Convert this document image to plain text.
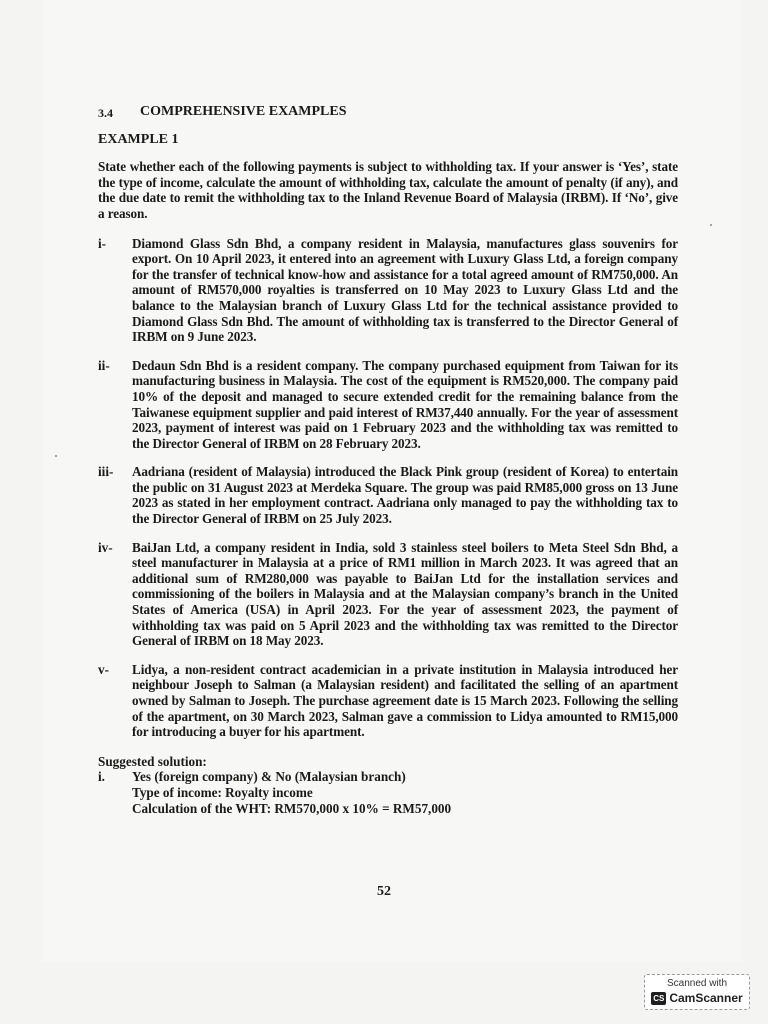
3.4	COMPREHENSIVE EXAMPLES
EXAMPLE 1

State whether each of the following payments is subject to withholding tax. If your answer is ‘Yes’, state the type of income, calculate the amount of withholding tax, calculate the amount of penalty (if any), and the due date to remit the withholding tax to the Inland Revenue Board of Malaysia (IRBM). If ‘No’, give a reason.

i-	Diamond Glass Sdn Bhd, a company resident in Malaysia, manufactures glass souvenirs for export. On 10 April 2023, it entered into an agreement with Luxury Glass Ltd, a foreign company for the transfer of technical know-how and assistance for a total agreed amount of RM750,000. An amount of RM570,000 royalties is transferred on 10 May 2023 to Luxury Glass Ltd and the balance to the Malaysian branch of Luxury Glass Ltd for the technical assistance provided to Diamond Glass Sdn Bhd. The amount of withholding tax is transferred to the Director General of IRBM on 9 June 2023.
ii-	Dedaun Sdn Bhd is a resident company. The company purchased equipment from Taiwan for its manufacturing business in Malaysia. The cost of the equipment is RM520,000. The company paid 10% of the deposit and managed to secure extended credit for the remaining balance from the Taiwanese equipment supplier and paid interest of RM37,440 annually. For the year of assessment 2023, payment of interest was paid on 1 February 2023 and the withholding tax was remitted to the Director General of IRBM on 28 February 2023.
iii-	Aadriana (resident of Malaysia) introduced the Black Pink group (resident of Korea) to entertain the public on 31 August 2023 at Merdeka Square. The group was paid RM85,000 gross on 13 June 2023 as stated in her employment contract. Aadriana only managed to pay the withholding tax to the Director General of IRBM on 25 July 2023.
iv-	BaiJan Ltd, a company resident in India, sold 3 stainless steel boilers to Meta Steel Sdn Bhd, a steel manufacturer in Malaysia at a price of RM1 million in March 2023. It was agreed that an additional sum of RM280,000 was payable to BaiJan Ltd for the installation services and commissioning of the boilers in Malaysia and at the Malaysian company’s branch in the United States of America (USA) in April 2023. For the year of assessment 2023, the payment of withholding tax was paid on 5 April 2023 and the withholding tax was remitted to the Director General of IRBM on 18 May 2023.
v-	Lidya, a non-resident contract academician in a private institution in Malaysia introduced her neighbour Joseph to Salman (a Malaysian resident) and facilitated the selling of an apartment owned by Salman to Joseph. The purchase agreement date is 15 March 2023. Following the selling of the apartment, on 30 March 2023, Salman gave a commission to Lidya amounted to RM15,000 for introducing a buyer for his apartment.
Suggested solution:
i.	Yes (foreign company) & No (Malaysian branch)
Type of income: Royalty income
Calculation of the WHT: RM570,000 x 10% = RM57,000
52
Scanned with
CS CamScanner
